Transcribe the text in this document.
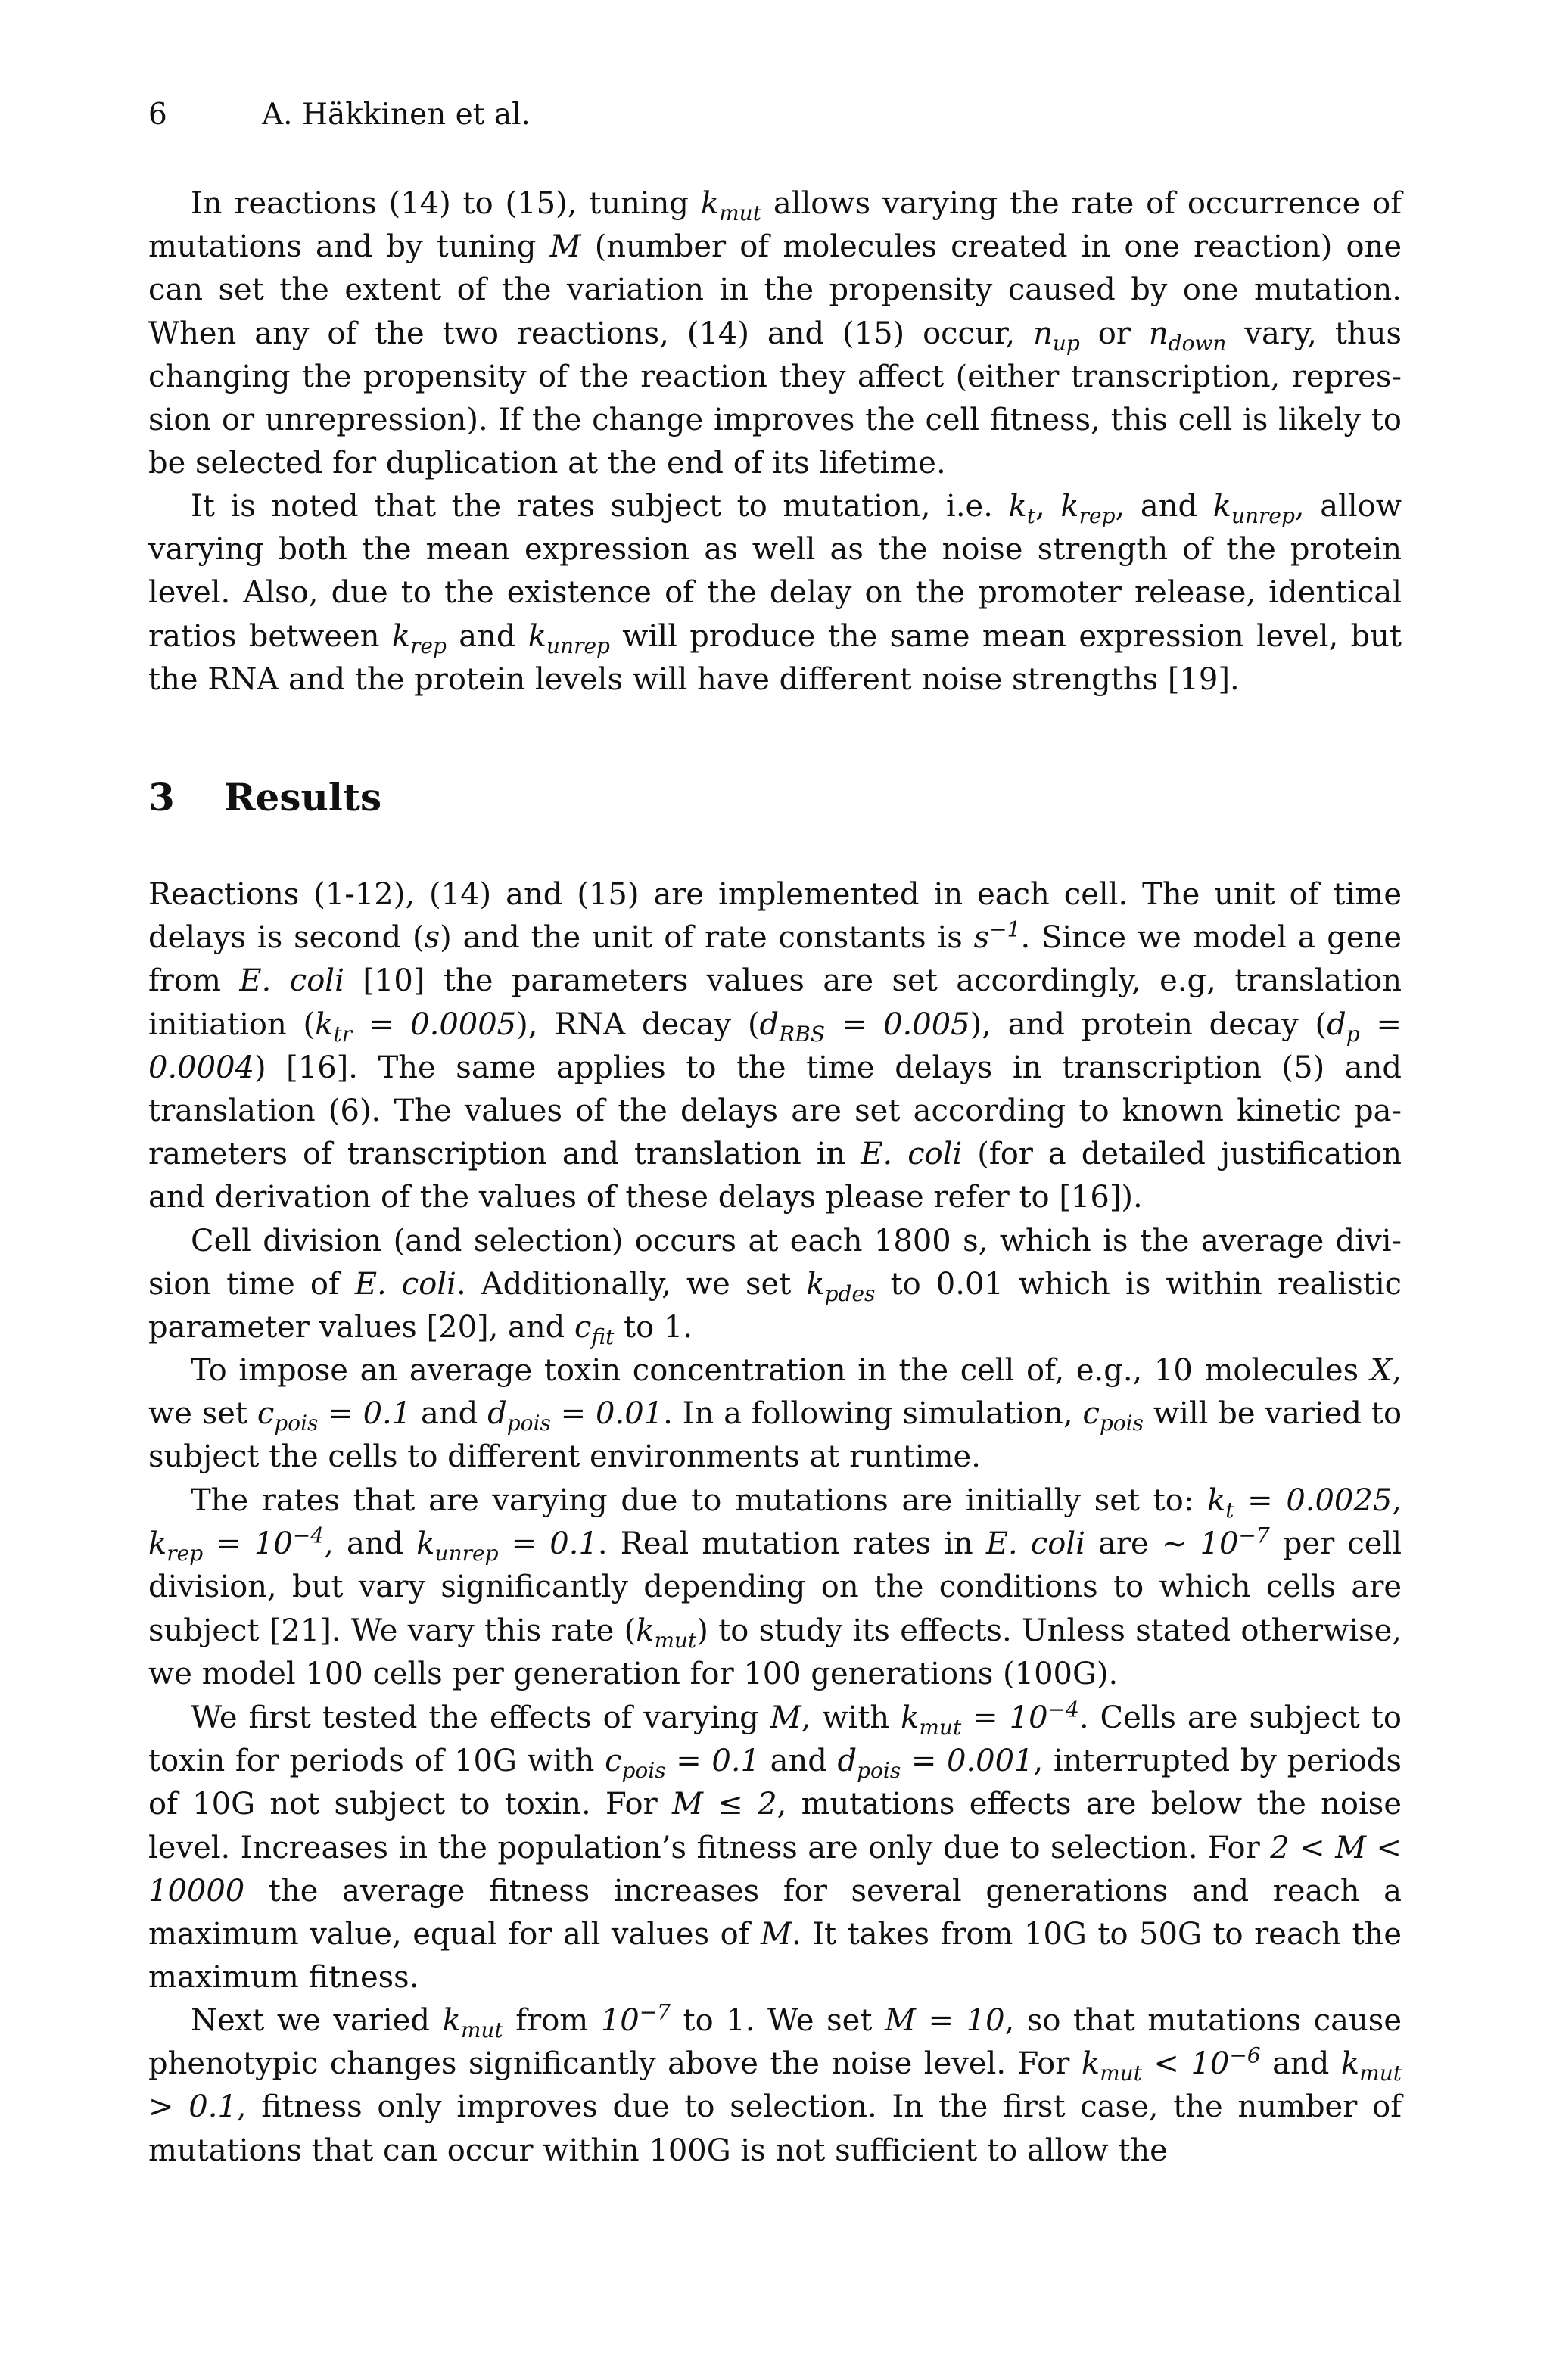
6	A. Häkkinen et al.

In reactions (14) to (15), tuning $k_{mut}$ allows varying the rate of occurrence of mutations and by tuning M (number of molecules created in one reaction) one can set the extent of the variation in the propensity caused by one mutation. When any of the two reactions, (14) and (15) occur, $n_{up}$ or $n_{down}$ vary, thus changing the propensity of the reaction they affect (either transcription, repression or unrepression). If the change improves the cell fitness, this cell is likely to be selected for duplication at the end of its lifetime.

It is noted that the rates subject to mutation, i.e. $k_t$, $k_{rep}$, and $k_{unrep}$, allow varying both the mean expression as well as the noise strength of the protein level. Also, due to the existence of the delay on the promoter release, identical ratios between $k_{rep}$ and $k_{unrep}$ will produce the same mean expression level, but the RNA and the protein levels will have different noise strengths [19].

3 Results

Reactions (1-12), (14) and (15) are implemented in each cell. The unit of time delays is second (s) and the unit of rate constants is $s^{-1}$. Since we model a gene from E. coli [10] the parameters values are set accordingly, e.g, translation initiation $(k_{tr} = 0.0005)$, RNA decay $(d_{RBS} = 0.005)$, and protein decay $(d_p = 0.0004)$ [16]. The same applies to the time delays in transcription (5) and translation (6). The values of the delays are set according to known kinetic parameters of transcription and translation in E. coli (for a detailed justification and derivation of the values of these delays please refer to [16]).

Cell division (and selection) occurs at each 1800 s, which is the average division time of E. coli. Additionally, we set $k_{pdes}$ to 0.01 which is within realistic parameter values [20], and $c_{fit}$ to 1.

To impose an average toxin concentration in the cell of, e.g., 10 molecules X, we set $c_{pois} = 0.1$ and $d_{pois} = 0.01$. In a following simulation, $c_{pois}$ will be varied to subject the cells to different environments at runtime.

The rates that are varying due to mutations are initially set to: $k_t = 0.0025$, $k_{rep} = 10^{-4}$, and $k_{unrep} = 0.1$. Real mutation rates in E. coli are ∼ $10^{-7}$ per cell division, but vary significantly depending on the conditions to which cells are subject [21]. We vary this rate $(k_{mut})$ to study its effects. Unless stated otherwise, we model 100 cells per generation for 100 generations (100G).

We first tested the effects of varying M, with $k_{mut} = 10^{-4}$. Cells are subject to toxin for periods of 10G with $c_{pois} = 0.1$ and $d_{pois} = 0.001$, interrupted by periods of 10G not subject to toxin. For M ≤ 2, mutations effects are below the noise level. Increases in the population’s fitness are only due to selection. For 2 < M < 10000 the average fitness increases for several generations and reach a maximum value, equal for all values of M. It takes from 10G to 50G to reach the maximum fitness.

Next we varied $k_{mut}$ from $10^{-7}$ to 1. We set M = 10, so that mutations cause phenotypic changes significantly above the noise level. For $k_{mut} < 10^{-6}$ and $k_{mut} > 0.1$, fitness only improves due to selection. In the first case, the number of mutations that can occur within 100G is not sufficient to allow the
